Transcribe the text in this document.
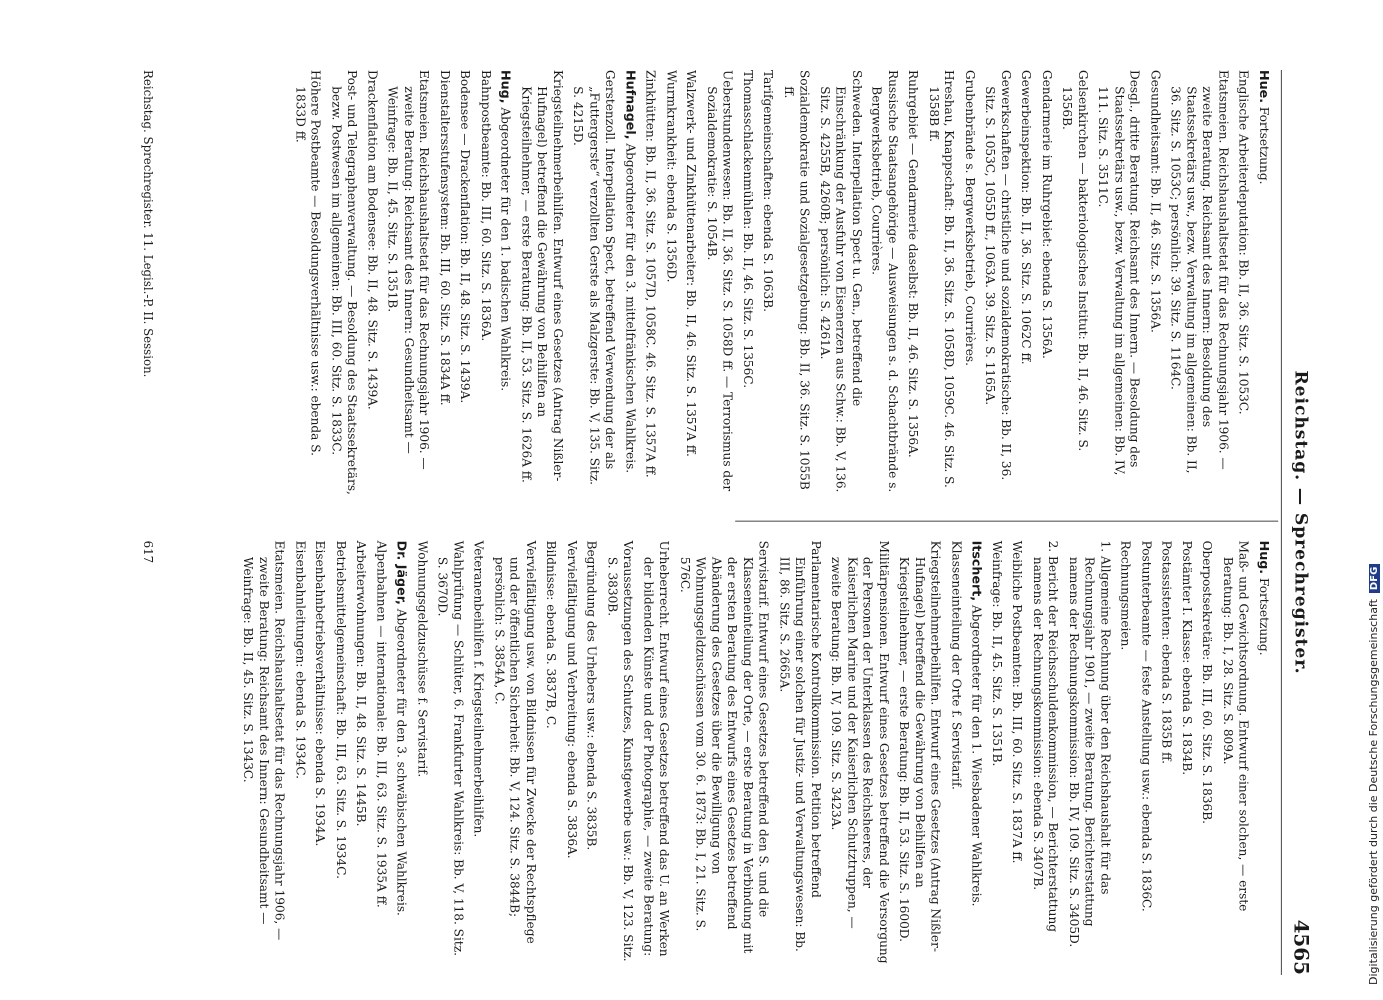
Reichstag. — Sprechregister.
4565
Hue. Fortsetzung.
Englische Arbeiterdeputation: Bb. II, 36. Sitz. S. 1053C.
Etatsmeien. Reichshaushaltsetat für das Rechnungsjahr 1906. — zweite Beratung. Reichsamt des Innern: Besoldung des Staatssekretärs usw., bezw. Verwaltung im allgemeinen: Bb. II, 36. Sitz. S. 1053C; persönlich: 39. Sitz. S. 1164C.
Gesundheitsamt: Bb. II, 46. Sitz. S. 1356A.
Desgl., dritte Beratung. Reichsamt des Innern. — Besoldung des Staatssekretärs usw., bezw. Verwaltung im allgemeinen: Bb. IV, 111. Sitz. S. 3511C.
Gelsenkirchen — bakteriologisches Institut: Bb. II, 46. Sitz. S. 1356B.
Gendarmerie im Ruhrgebiet: ebenda S. 1356A.
Gewerbeinspektion: Bb. II, 36. Sitz. S. 1062C ff.
Gewerkschaften — christliche und sozialdemokratische: Bb. II, 36. Sitz. S. 1053C, 1055D ff., 1063A. 39. Sitz. S. 1165A.
Grubenbrände s. Bergwerksbetrieb, Courrières.
Hreshau, Knappschaft: Bb. II, 36. Sitz. S. 1058D, 1059C. 46. Sitz. S. 1358B ff.
Ruhrgebiet — Gendarmerie daselbst: Bb. II, 46. Sitz. S. 1356A.
Russische Staatsangehörige — Ausweisungen s. d. Schachtbrände s. Bergwerksbetrieb, Courrières.
Schweden. Interpellation Spect u. Gen., betreffend die Einschränkung der Ausfuhr von Eisenerzen aus Schw.: Bb. V, 136. Sitz. S. 4255B, 4260B; persönlich: S. 4261A.
Sozialdemokratie und Sozialgesetzgebung: Bb. II, 36. Sitz. S. 1055B ff.
Tarifgemeinschaften: ebenda S. 1063B.
Thomasschlackenmühlen: Bb. II, 46. Sitz. S. 1356C.
Ueberstundenwesen: Bb. II, 36. Sitz. S. 1058D ff. — Terrorismus der Sozialdemokratie: S. 1054B.
Walzwerk- und Zinkhüttenarbeiter: Bb. II, 46. Sitz. S. 1357A ff.
Wurmkrankheit: ebenda S. 1356D.
Zinkhütten: Bb. II, 36. Sitz. S. 1057D, 1058C. 46. Sitz. S. 1357A ff.
Hufnagel, Abgeordneter für den 3. mittelfränkischen Wahlkreis.
Gerstenzoll. Interpellation Spect, betreffend Verwendung der als „Futtergerste“ verzollten Gerste als Malzgerste: Bb. V, 135. Sitz. S. 4215D.
Kriegsteilnehmerbeihilfen. Entwurf eines Gesetzes (Antrag Nißler-Hufnagel) betreffend die Gewährung von Beihilfen an Kriegsteilnehmer, — erste Beratung: Bb. II, 53. Sitz. S. 1626A ff.
Hug, Abgeordneter für den 1. badischen Wahlkreis.
Bahnpostbeamte: Bb. III, 60. Sitz. S. 1836A.
Bodensee — Drackenflation: Bb. II, 48. Sitz. S. 1439A.
Dienstaltersstufensystem: Bb. III, 60. Sitz. S. 1834A ff.
Etatsmeien. Reichshaushaltsetat für das Rechnungsjahr 1906. — zweite Beratung: Reichsamt des Innern: Gesundheitsamt — Weinfrage: Bb. II, 45. Sitz. S. 1351B.
Drackenflation am Bodensee: Bb. II, 48. Sitz. S. 1439A.
Post- und Telegraphenverwaltung. — Besoldung des Staatssekretärs, bezw. Postwesen im allgemeinen: Bb. III, 60. Sitz. S. 1833C.
Höhere Postbeamte — Besoldungsverhältnisse usw.: ebenda S. 1833D ff.
Hug. Fortsetzung.
Maß- und Gewichtsordnung. Entwurf einer solchen, — erste Beratung: Bb. I, 28. Sitz. S. 809A.
Oberpostsekretäre: Bb. III, 60. Sitz. S. 1836B.
Postämter I. Klasse: ebenda S. 1834B.
Postassistenten: ebenda S. 1835B ff.
Postunterbeamte — feste Anstellung usw.: ebenda S. 1836C.
Rechnungsmeien.
1. Allgemeine Rechnung über den Reichshaushalt für das Rechnungsjahr 1901, — zweite Beratung. Berichterstattung namens der Rechnungskommission: Bb. IV, 109. Sitz. S. 3405D.
2. Bericht der Reichsschuldenkommission, — Berichterstattung namens der Rechnungskommission: ebenda S. 3407B.
Weibliche Postbeamten: Bb. III, 60. Sitz. S. 1837A ff.
Weinfrage: Bb. II, 45. Sitz. S. 1351B.
Itschert, Abgeordneter für den 1. Wiesbadener Wahlkreis.
Klasseneinteilung der Orte f. Servistarif.
Kriegsteilnehmerbeihilfen. Entwurf eines Gesetzes (Antrag Nißler-Hufnagel) betreffend die Gewährung von Beihilfen an Kriegsteilnehmer, — erste Beratung: Bb. II, 53. Sitz. S. 1600D.
Militärpensionen. Entwurf eines Gesetzes betreffend die Versorgung der Personen der Unterklassen des Reichsheeres, der Kaiserlichen Marine und der Kaiserlichen Schutztruppen, — zweite Beratung: Bb. IV, 109. Sitz. S. 3423A.
Parlamentarische Kontrollkommission. Petition betreffend Einführung einer solchen für Justiz- und Verwaltungswesen: Bb. III, 86. Sitz. S. 2665A.
Servistarif. Entwurf eines Gesetzes betreffend den S. und die Klasseneinteilung der Orte, — erste Beratung in Verbindung mit der ersten Beratung des Entwurfs eines Gesetzes betreffend Abänderung des Gesetzes über die Bewilligung von Wohnungsgeldzuschüssen vom 30. 6. 1873: Bb. I, 21. Sitz. S. 576C.
Urheberrecht. Entwurf eines Gesetzes betreffend das U. an Werken der bildenden Künste und der Photographie, — zweite Beratung:
Voraussetzungen des Schutzes, Kunstgewerbe usw.: Bb. V, 123. Sitz. S. 3830B.
Begründung des Urhebers usw.: ebenda S. 3835B.
Vervielfältigung und Verbreitung: ebenda S. 3836A.
Bildnisse: ebenda S. 3837B, C.
Vervielfältigung usw. von Bildnissen für Zwecke der Rechtspflege und der öffentlichen Sicherheit: Bb. V, 124. Sitz. S. 3844B; persönlich: S. 3854A, C.
Veteranenbeihilfen f. Kriegsteilnehmerbeihilfen.
Wahlprüfung — Schlüter, 6. Frankfurter Wahlkreis: Bb. V, 118. Sitz. S. 3670D.
Wohnungsgeldzuschüsse f. Servistarif.
Dr. Jäger, Abgeordneter für den 3. schwäbischen Wahlkreis.
Alpenbahnen — internationale: Bb. III, 63. Sitz. S. 1935A ff.
Arbeiterwohnungen: Bb. II, 48. Sitz. S. 1445B.
Betriebsmittelgemeinschaft: Bb. III, 63. Sitz. S. 1934C.
Eisenbahnbetriebsverhältnisse: ebenda S. 1934A.
Eisenbahnleitungen: ebenda S. 1934C.
Etatsmeien. Reichshaushaltsetat für das Rechnungsjahr 1906, — zweite Beratung: Reichsamt des Innern: Gesundheitsamt — Weinfrage: Bb. II, 45. Sitz. S. 1343C.
Reichstag. Sprechregister. 11. Legisl.-P. II. Session.
617
Digitalisierung gefördert durch die Deutsche ForschungsgemeinschaftDFG
